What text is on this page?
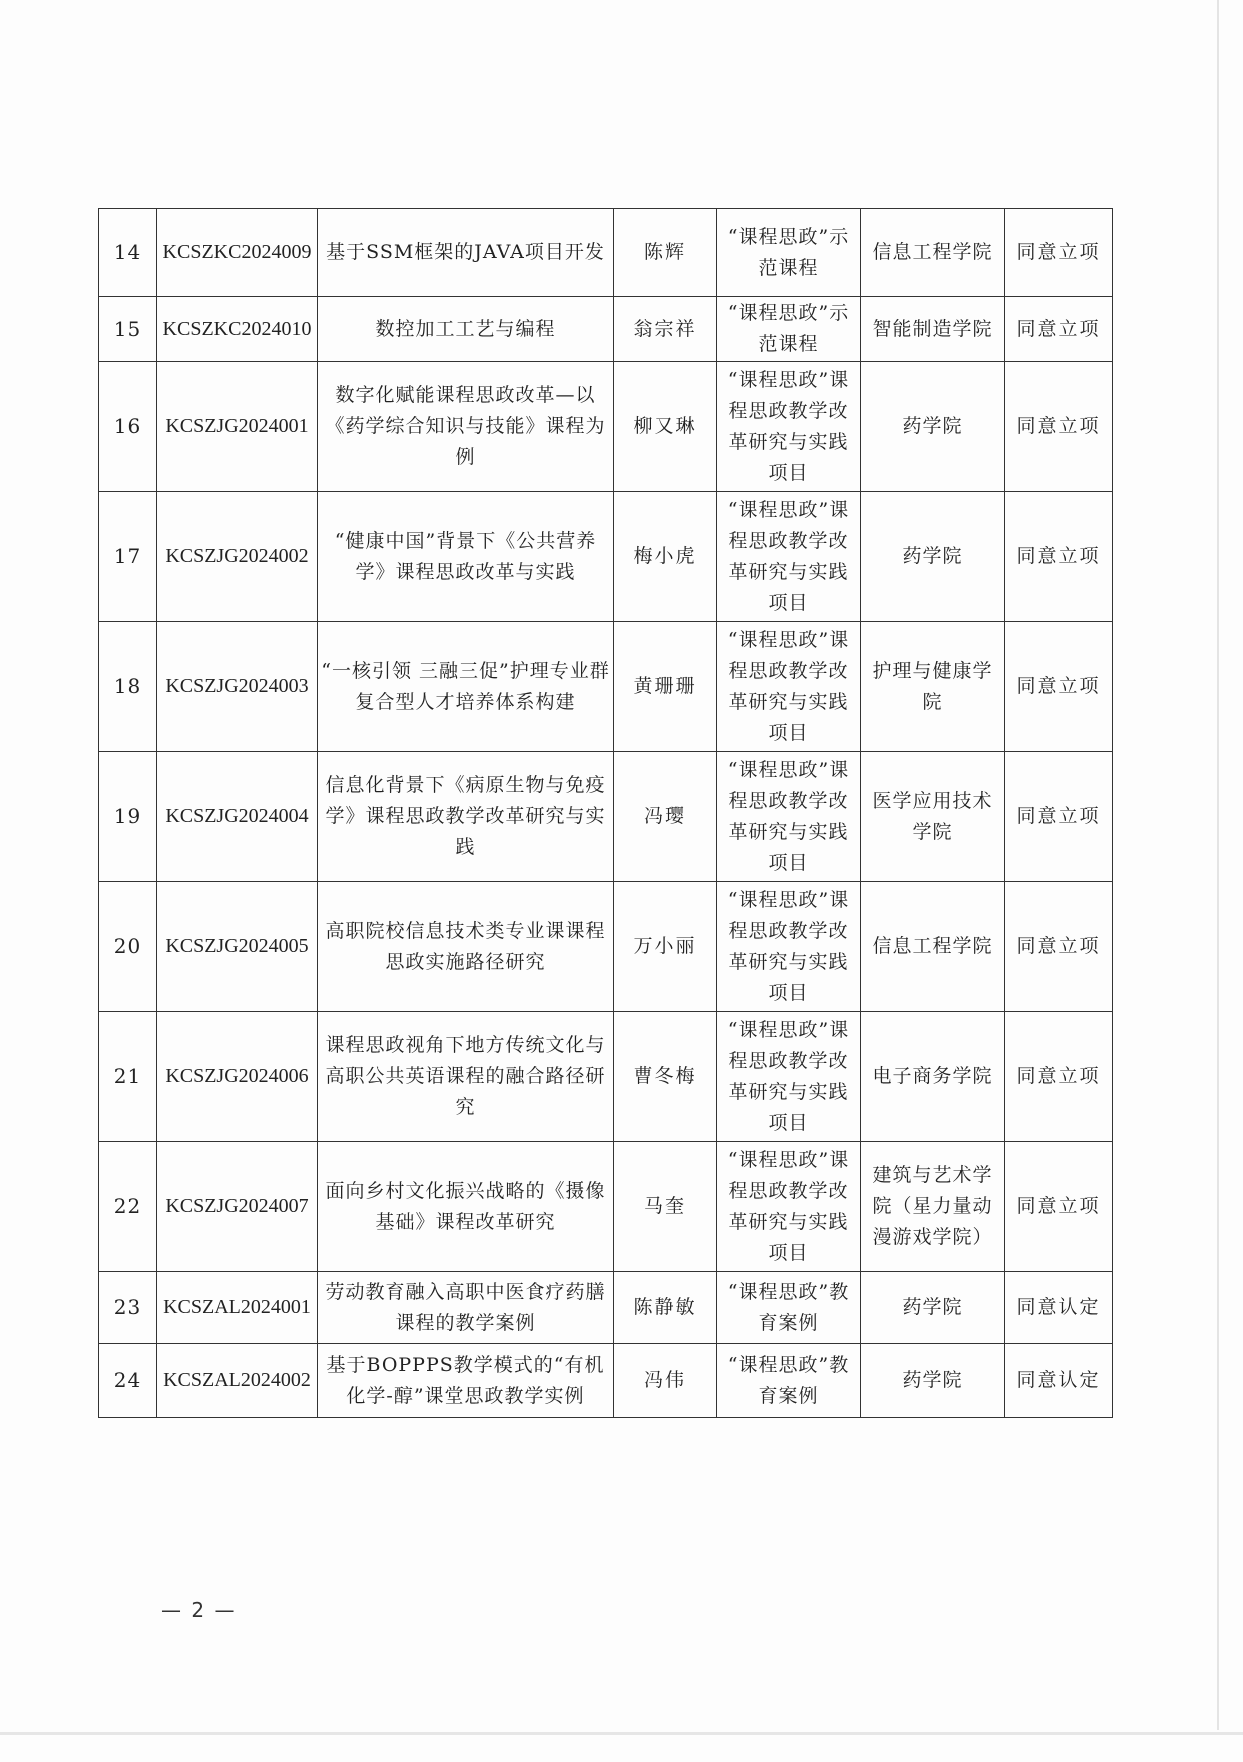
14	KCSZKC2024009	基于SSM框架的JAVA项目开发	陈辉	“课程思政”示范课程	信息工程学院	同意立项
15	KCSZKC2024010	数控加工工艺与编程	翁宗祥	“课程思政”示范课程	智能制造学院	同意立项
16	KCSZJG2024001	数字化赋能课程思政改革—以《药学综合知识与技能》课程为例	柳又琳	“课程思政”课程思政教学改革研究与实践项目	药学院	同意立项
17	KCSZJG2024002	“健康中国”背景下《公共营养学》课程思政改革与实践	梅小虎	“课程思政”课程思政教学改革研究与实践项目	药学院	同意立项
18	KCSZJG2024003	“一核引领 三融三促”护理专业群复合型人才培养体系构建	黄珊珊	“课程思政”课程思政教学改革研究与实践项目	护理与健康学院	同意立项
19	KCSZJG2024004	信息化背景下《病原生物与免疫学》课程思政教学改革研究与实践	冯璎	“课程思政”课程思政教学改革研究与实践项目	医学应用技术学院	同意立项
20	KCSZJG2024005	高职院校信息技术类专业课课程思政实施路径研究	万小丽	“课程思政”课程思政教学改革研究与实践项目	信息工程学院	同意立项
21	KCSZJG2024006	课程思政视角下地方传统文化与高职公共英语课程的融合路径研究	曹冬梅	“课程思政”课程思政教学改革研究与实践项目	电子商务学院	同意立项
22	KCSZJG2024007	面向乡村文化振兴战略的《摄像基础》课程改革研究	马奎	“课程思政”课程思政教学改革研究与实践项目	建筑与艺术学院（星力量动漫游戏学院）	同意立项
23	KCSZAL2024001	劳动教育融入高职中医食疗药膳课程的教学案例	陈静敏	“课程思政”教育案例	药学院	同意认定
24	KCSZAL2024002	基于BOPPPS教学模式的“有机化学-醇”课堂思政教学实例	冯伟	“课程思政”教育案例	药学院	同意认定
— 2 —
